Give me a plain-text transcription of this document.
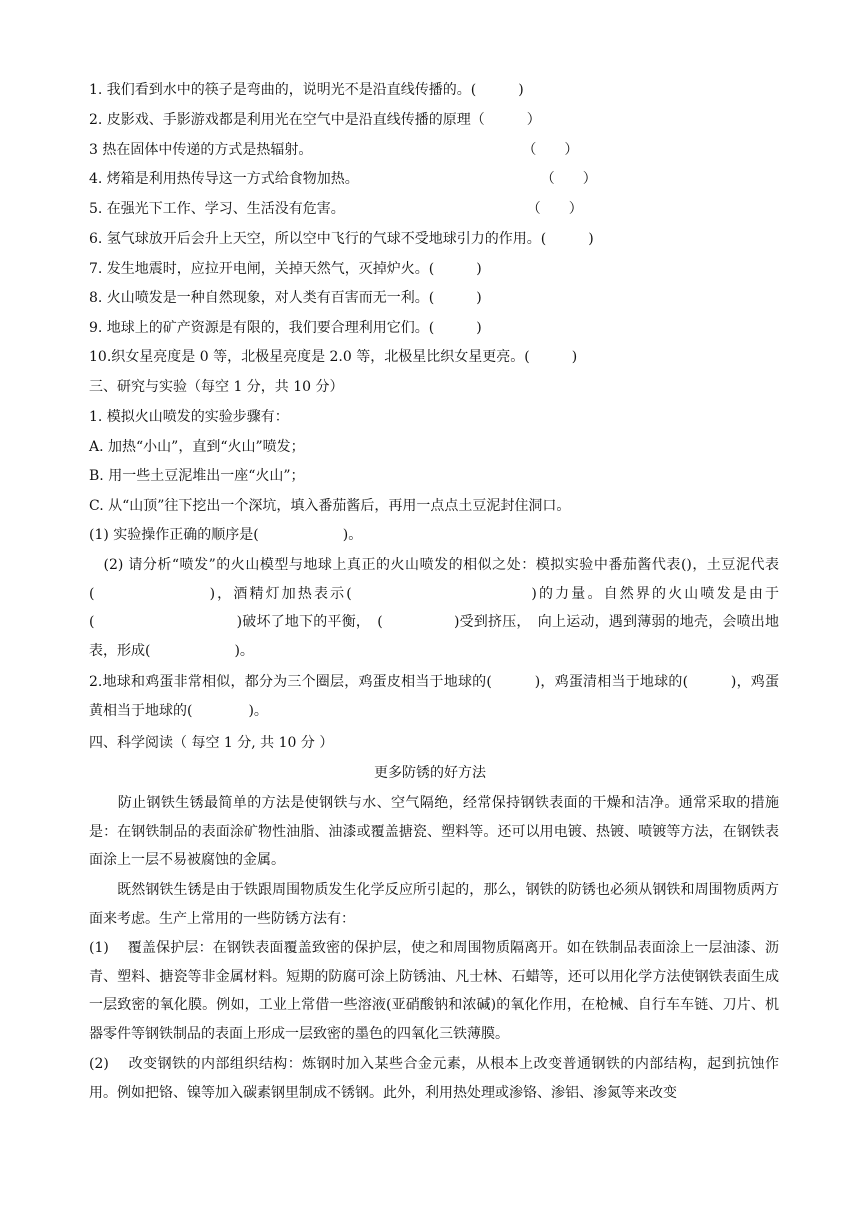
1. 我们看到水中的筷子是弯曲的，说明光不是沿直线传播的。(　　　)
2. 皮影戏、手影游戏都是利用光在空气中是沿直线传播的原理（　　　）
3 热在固体中传递的方式是热辐射。　　　　　　　　　　　　　　　　（　　）
4. 烤箱是利用热传导这一方式给食物加热。　　　　　　　　　　　　　　（　　）
5. 在强光下工作、学习、生活没有危害。　　　　　　　　　　　　　　（　　）
6. 氢气球放开后会升上天空，所以空中飞行的气球不受地球引力的作用。(　　　)
7. 发生地震时，应拉开电闸，关掉天然气，灭掉炉火。(　　　)
8. 火山喷发是一种自然现象，对人类有百害而无一利。(　　　)
9. 地球上的矿产资源是有限的，我们要合理利用它们。(　　　)
10.织女星亮度是 0 等，北极星亮度是 2.0 等，北极星比织女星更亮。(　　　)
三、研究与实验（每空 1 分，共 10 分）
1. 模拟火山喷发的实验步骤有：
A. 加热“小山”，直到“火山”喷发；
B. 用一些土豆泥堆出一座“火山”；
C. 从“山顶”往下挖出一个深坑，填入番茄酱后，再用一点点土豆泥封住洞口。
(1) 实验操作正确的顺序是(　　　　　　)。
　(2) 请分析“喷发”的火山模型与地球上真正的火山喷发的相似之处：模拟实验中番茄酱代表()，土豆泥代表(　　　　　　　)，酒精灯加热表示(　　　　　　　　　　　)的力量。自然界的火山喷发是由于(　　　　　　　　　　)破坏了地下的平衡，　(　　　　　)受到挤压，　向上运动，遇到薄弱的地壳，会喷出地表，形成(　　　　　　)。
2.地球和鸡蛋非常相似，都分为三个圈层，鸡蛋皮相当于地球的(　　　)，鸡蛋清相当于地球的(　　　)，鸡蛋黄相当于地球的(　　　　)。
四、科学阅读（ 每空 1 分, 共 10 分 ）
更多防锈的好方法
　　防止钢铁生锈最简单的方法是使钢铁与水、空气隔绝，经常保持钢铁表面的干燥和洁净。通常采取的措施是：在钢铁制品的表面涂矿物性油脂、油漆或覆盖搪瓷、塑料等。还可以用电镀、热镀、喷镀等方法，在钢铁表面涂上一层不易被腐蚀的金属。
　　既然钢铁生锈是由于铁跟周围物质发生化学反应所引起的，那么，钢铁的防锈也必须从钢铁和周围物质两方面来考虑。生产上常用的一些防锈方法有：
(1)　 覆盖保护层：在钢铁表面覆盖致密的保护层，使之和周围物质隔离开。如在铁制品表面涂上一层油漆、沥青、塑料、搪瓷等非金属材料。短期的防腐可涂上防锈油、凡士林、石蜡等，还可以用化学方法使钢铁表面生成一层致密的氧化膜。例如，工业上常借一些溶液(亚硝酸钠和浓碱)的氧化作用，在枪械、自行车车链、刀片、机器零件等钢铁制品的表面上形成一层致密的墨色的四氧化三铁薄膜。
(2)　 改变钢铁的内部组织结构：炼钢时加入某些合金元素，从根本上改变普通钢铁的内部结构，起到抗蚀作用。例如把铬、镍等加入碳素钢里制成不锈钢。此外，利用热处理或渗铬、渗铝、渗氮等来改变
